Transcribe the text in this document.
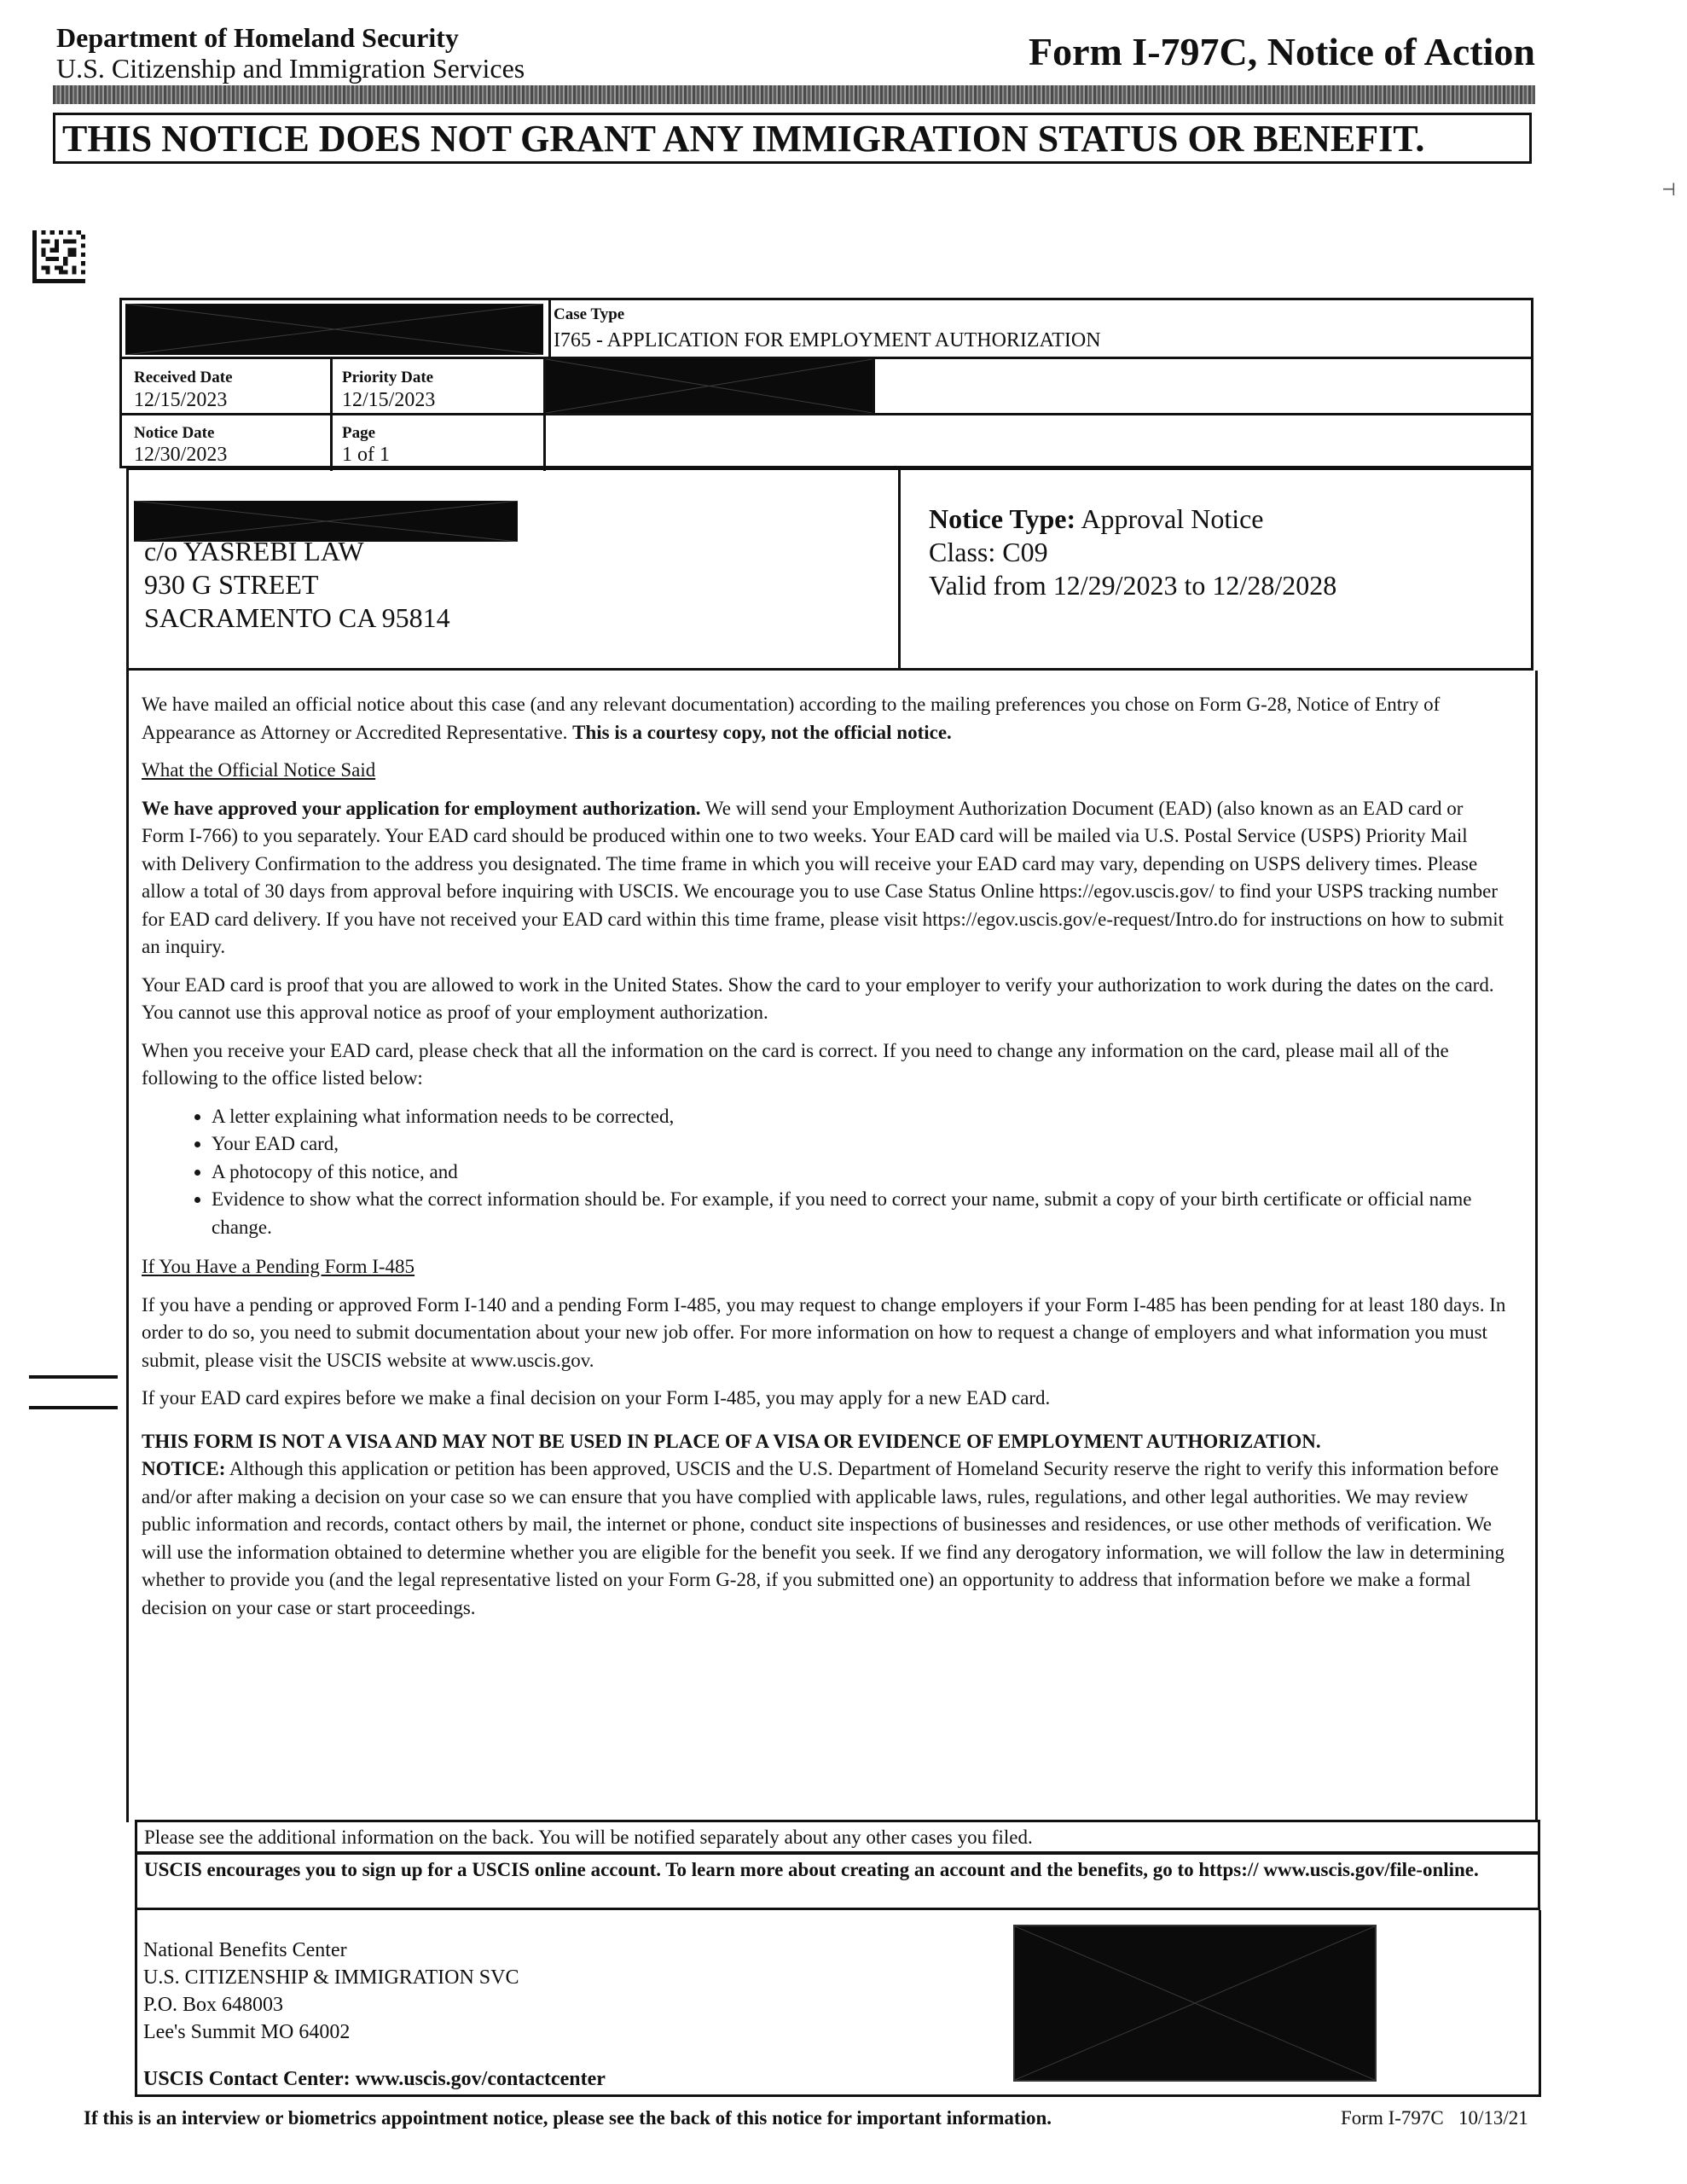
Department of Homeland Security
U.S. Citizenship and Immigration Services	Form I-797C, Notice of Action
THIS NOTICE DOES NOT GRANT ANY IMMIGRATION STATUS OR BENEFIT.
⊣
Case Type
I765 - APPLICATION FOR EMPLOYMENT AUTHORIZATION
Received Date
12/15/2023
Priority Date
12/15/2023
Notice Date
12/30/2023
Page
1 of 1
c/o YASREBI LAW
930 G STREET
SACRAMENTO CA 95814
Notice Type: Approval Notice
Class: C09
Valid from 12/29/2023 to 12/28/2028

We have mailed an official notice about this case (and any relevant documentation) according to the mailing preferences you chose on Form G-28, Notice of Entry of Appearance as Attorney or Accredited Representative. This is a courtesy copy, not the official notice.

What the Official Notice Said

We have approved your application for employment authorization. We will send your Employment Authorization Document (EAD) (also known as an EAD card or Form I-766) to you separately. Your EAD card should be produced within one to two weeks. Your EAD card will be mailed via U.S. Postal Service (USPS) Priority Mail with Delivery Confirmation to the address you designated. The time frame in which you will receive your EAD card may vary, depending on USPS delivery times. Please allow a total of 30 days from approval before inquiring with USCIS. We encourage you to use Case Status Online https://egov.uscis.gov/ to find your USPS tracking number for EAD card delivery. If you have not received your EAD card within this time frame, please visit https://egov.uscis.gov/e-request/Intro.do for instructions on how to submit an inquiry.

Your EAD card is proof that you are allowed to work in the United States. Show the card to your employer to verify your authorization to work during the dates on the card. You cannot use this approval notice as proof of your employment authorization.

When you receive your EAD card, please check that all the information on the card is correct. If you need to change any information on the card, please mail all of the following to the office listed below:

• A letter explaining what information needs to be corrected,
• Your EAD card,
• A photocopy of this notice, and
• Evidence to show what the correct information should be. For example, if you need to correct your name, submit a copy of your birth certificate or official name change.
If You Have a Pending Form I-485

If you have a pending or approved Form I-140 and a pending Form I-485, you may request to change employers if your Form I-485 has been pending for at least 180 days. In order to do so, you need to submit documentation about your new job offer. For more information on how to request a change of employers and what information you must submit, please visit the USCIS website at www.uscis.gov.

If your EAD card expires before we make a final decision on your Form I-485, you may apply for a new EAD card.

THIS FORM IS NOT A VISA AND MAY NOT BE USED IN PLACE OF A VISA OR EVIDENCE OF EMPLOYMENT AUTHORIZATION.

NOTICE: Although this application or petition has been approved, USCIS and the U.S. Department of Homeland Security reserve the right to verify this information before and/or after making a decision on your case so we can ensure that you have complied with applicable laws, rules, regulations, and other legal authorities. We may review public information and records, contact others by mail, the internet or phone, conduct site inspections of businesses and residences, or use other methods of verification. We will use the information obtained to determine whether you are eligible for the benefit you seek. If we find any derogatory information, we will follow the law in determining whether to provide you (and the legal representative listed on your Form G-28, if you submitted one) an opportunity to address that information before we make a formal decision on your case or start proceedings.

Please see the additional information on the back. You will be notified separately about any other cases you filed.
USCIS encourages you to sign up for a USCIS online account. To learn more about creating an account and the benefits, go to https:// www.uscis.gov/file-online.
National Benefits Center
U.S. CITIZENSHIP & IMMIGRATION SVC
P.O. Box 648003
Lee's Summit MO 64002
USCIS Contact Center: www.uscis.gov/contactcenter
If this is an interview or biometrics appointment notice, please see the back of this notice for important information.	Form I-797C   10/13/21
